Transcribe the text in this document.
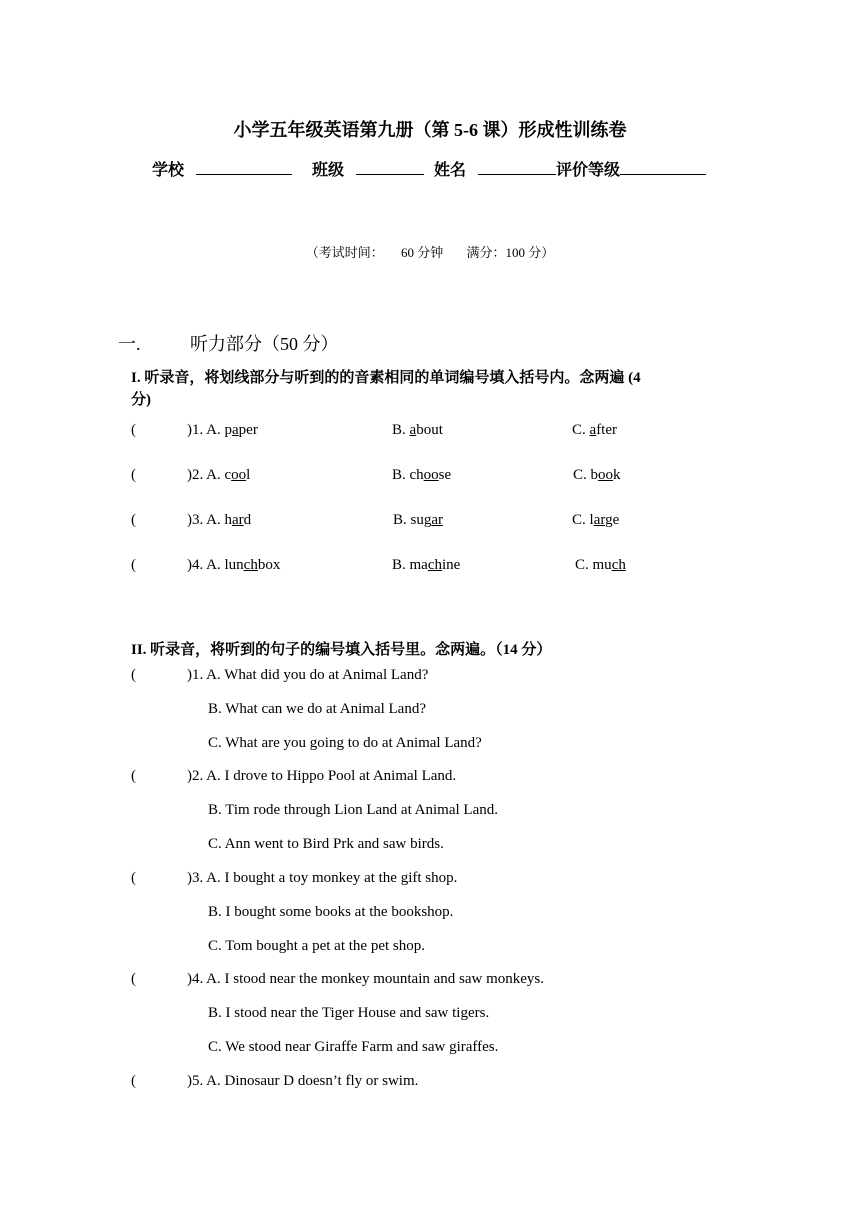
小学五年级英语第九册（第 5-6 课）形成性训练卷
学校	班级	姓名	评价等级
（考试时间： 60 分钟 满分：100 分）
一.	听力部分（50 分）
I. 听录音，将划线部分与听到的的音素相同的单词编号填入括号内。念两遍 (4
分)
(	)1. A. paper	B. about	C. after
(	)2. A. cool	B. choose	C. book
(	)3. A. hard	B. sugar	C. large
(	)4. A. lunchbox	B. machine	C. much
II. 听录音，将听到的句子的编号填入括号里。念两遍。（14 分）
(	)1. A. What did you do at Animal Land?
B. What can we do at Animal Land?
C. What are you going to do at Animal Land?
(	)2. A. I drove to Hippo Pool at Animal Land.
B. Tim rode through Lion Land at Animal Land.
C. Ann went to Bird Prk and saw birds.
(	)3. A. I bought a toy monkey at the gift shop.
B. I bought some books at the bookshop.
C. Tom bought a pet at the pet shop.
(	)4. A. I stood near the monkey mountain and saw monkeys.
B. I stood near the Tiger House and saw tigers.
C. We stood near Giraffe Farm and saw giraffes.
(	)5. A. Dinosaur D doesn’t fly or swim.
